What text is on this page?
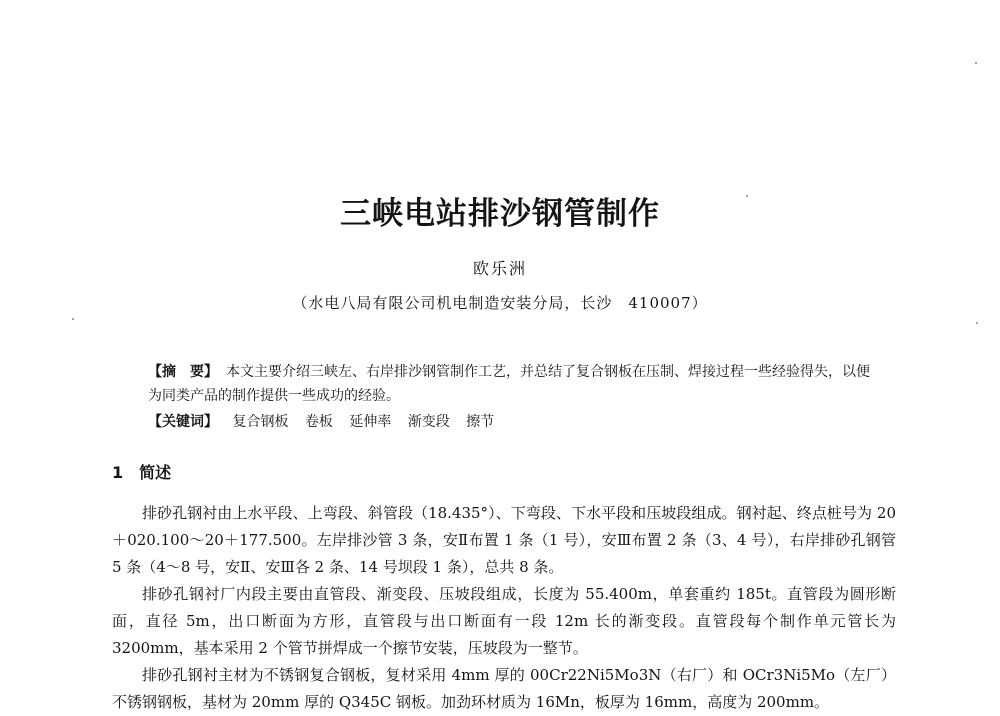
三峡电站排沙钢管制作
欧乐洲
（水电八局有限公司机电制造安装分局，长沙　410007）
【摘　要】 本文主要介绍三峡左、右岸排沙钢管制作工艺，并总结了复合钢板在压制、焊接过程一些经验得失，以便为同类产品的制作提供一些成功的经验。
【关键词】 复合钢板 卷板 延伸率 渐变段 擦节
1 简述

排砂孔钢衬由上水平段、上弯段、斜管段（18.435°）、下弯段、下水平段和压坡段组成。钢衬起、终点桩号为 20＋020.100～20＋177.500。左岸排沙管 3 条，安Ⅱ布置 1 条（1 号），安Ⅲ布置 2 条（3、4 号），右岸排砂孔钢管 5 条（4～8 号，安Ⅱ、安Ⅲ各 2 条、14 号坝段 1 条），总共 8 条。

排砂孔钢衬厂内段主要由直管段、渐变段、压坡段组成，长度为 55.400m，单套重约 185t。直管段为圆形断面，直径 5m，出口断面为方形，直管段与出口断面有一段 12m 长的渐变段。直管段每个制作单元管长为 3200mm，基本采用 2 个管节拼焊成一个擦节安装，压坡段为一整节。

排砂孔钢衬主材为不锈钢复合钢板，复材采用 4mm 厚的 00Cr22Ni5Mo3N（右厂）和 OCr3Ni5Mo（左厂）不锈钢钢板，基材为 20mm 厚的 Q345C 钢板。加劲环材质为 16Mn，板厚为 16mm，高度为 200mm。
